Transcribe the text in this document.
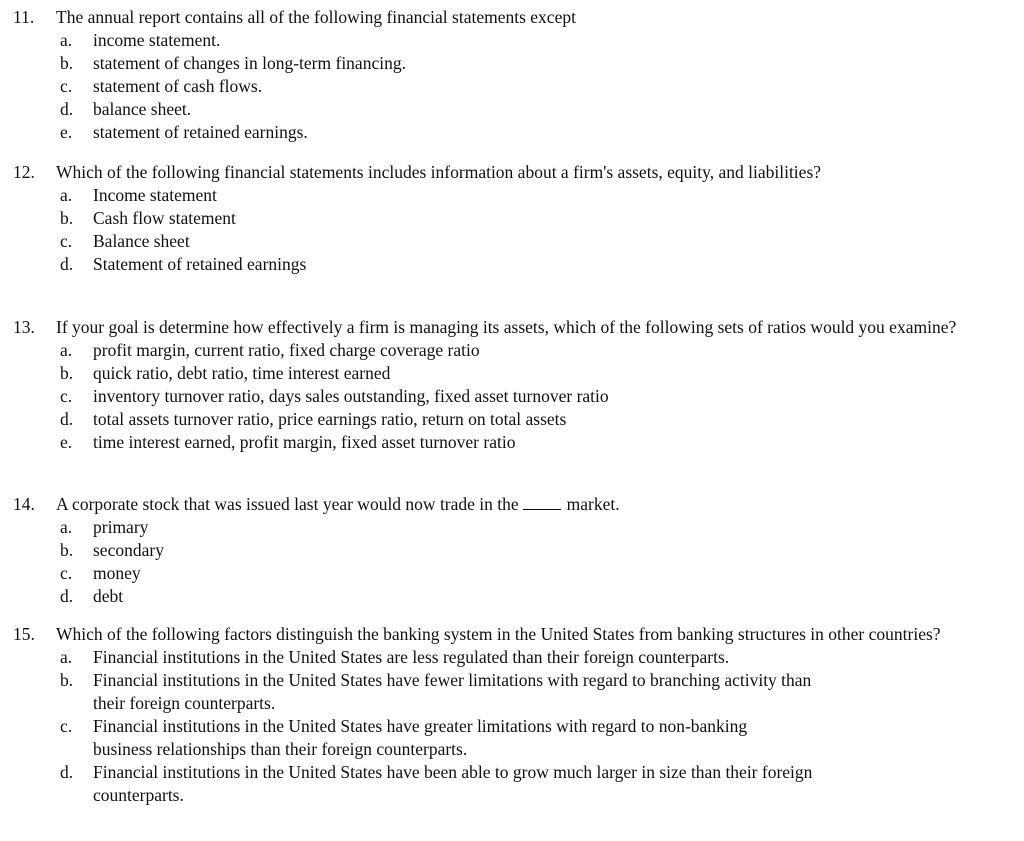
11. The annual report contains all of the following financial statements except
a. income statement.
b. statement of changes in long-term financing.
c. statement of cash flows.
d. balance sheet.
e. statement of retained earnings.
12. Which of the following financial statements includes information about a firm's assets, equity, and liabilities?
a. Income statement
b. Cash flow statement
c. Balance sheet
d. Statement of retained earnings
13. If your goal is determine how effectively a firm is managing its assets, which of the following sets of ratios would you examine?
a. profit margin, current ratio, fixed charge coverage ratio
b. quick ratio, debt ratio, time interest earned
c. inventory turnover ratio, days sales outstanding, fixed asset turnover ratio
d. total assets turnover ratio, price earnings ratio, return on total assets
e. time interest earned, profit margin, fixed asset turnover ratio
14. A corporate stock that was issued last year would now trade in the	market.
a. primary
b. secondary
c. money
d. debt
15. Which of the following factors distinguish the banking system in the United States from banking structures in other countries?
a. Financial institutions in the United States are less regulated than their foreign counterparts.
b. Financial institutions in the United States have fewer limitations with regard to branching activity than their foreign counterparts.
c. Financial institutions in the United States have greater limitations with regard to non-banking business relationships than their foreign counterparts.
d. Financial institutions in the United States have been able to grow much larger in size than their foreign counterparts.
